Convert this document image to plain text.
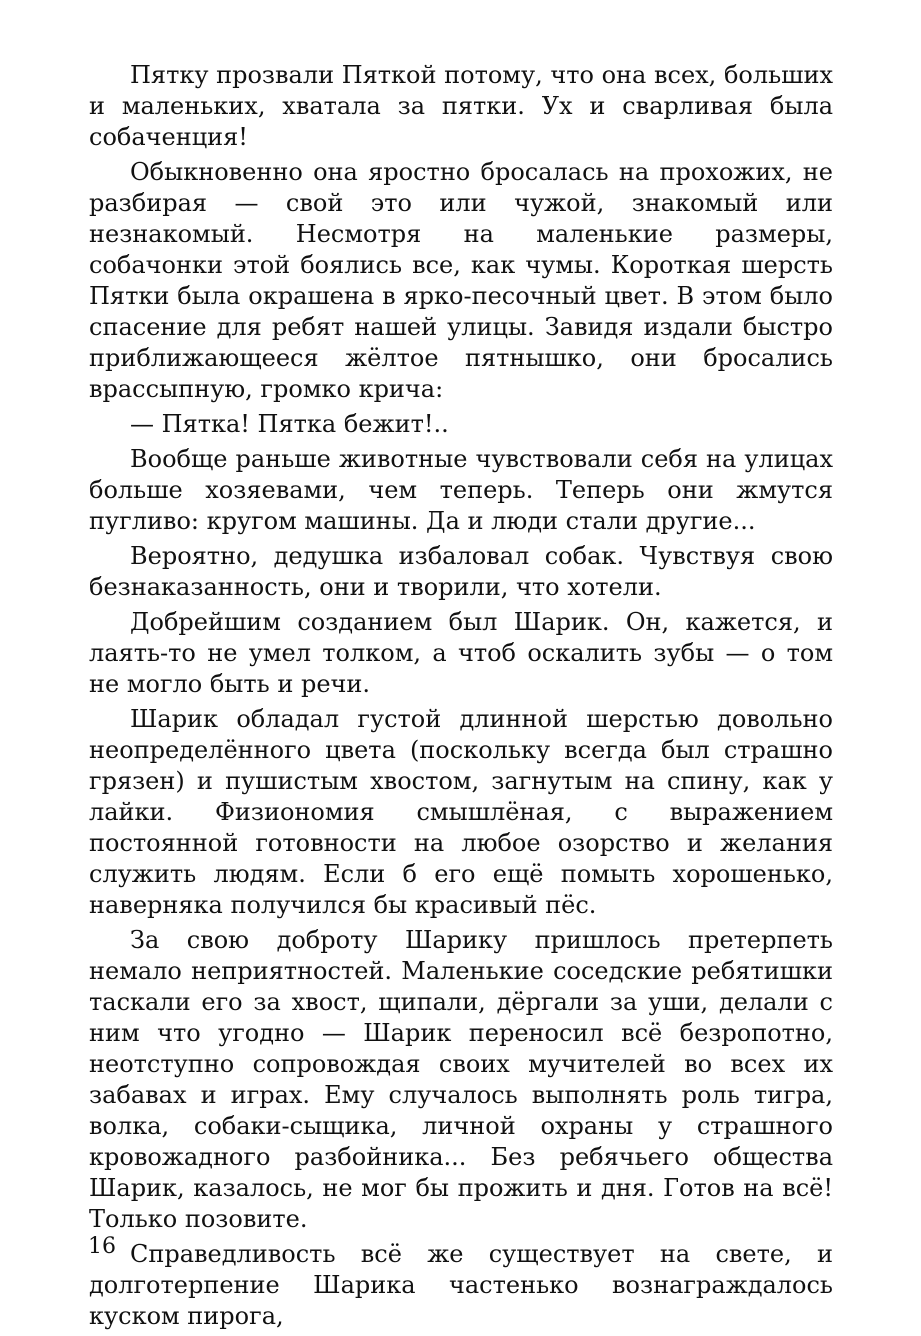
Пятку прозвали Пяткой потому, что она всех, больших и маленьких, хватала за пятки. Ух и сварливая была собаченция!

Обыкновенно она яростно бросалась на прохожих, не разбирая — свой это или чужой, знакомый или незнакомый. Несмотря на маленькие размеры, собачонки этой боялись все, как чумы. Короткая шерсть Пятки была окрашена в ярко-песочный цвет. В этом было спасение для ребят нашей улицы. Завидя издали быстро приближающееся жёлтое пятнышко, они бросались врассыпную, громко крича:

— Пятка! Пятка бежит!..

Вообще раньше животные чувствовали себя на улицах больше хозяевами, чем теперь. Теперь они жмутся пугливо: кругом машины. Да и люди стали другие...

Вероятно, дедушка избаловал собак. Чувствуя свою безнаказанность, они и творили, что хотели.

Добрейшим созданием был Шарик. Он, кажется, и лаять-то не умел толком, а чтоб оскалить зубы — о том не могло быть и речи.

Шарик обладал густой длинной шерстью довольно неопределённого цвета (поскольку всегда был страшно грязен) и пушистым хвостом, загнутым на спину, как у лайки. Физиономия смышлёная, с выражением постоянной готовности на любое озорство и желания служить людям. Если б его ещё помыть хорошенько, наверняка получился бы красивый пёс.

За свою доброту Шарику пришлось претерпеть немало неприятностей. Маленькие соседские ребятишки таскали его за хвост, щипали, дёргали за уши, делали с ним что угодно — Шарик переносил всё безропотно, неотступно сопровождая своих мучителей во всех их забавах и играх. Ему случалось выполнять роль тигра, волка, собаки-сыщика, личной охраны у страшного кровожадного разбойника... Без ребячьего общества Шарик, казалось, не мог бы прожить и дня. Готов на всё! Только позовите.

Справедливость всё же существует на свете, и долготерпение Шарика частенько вознаграждалось куском пирога,

16
